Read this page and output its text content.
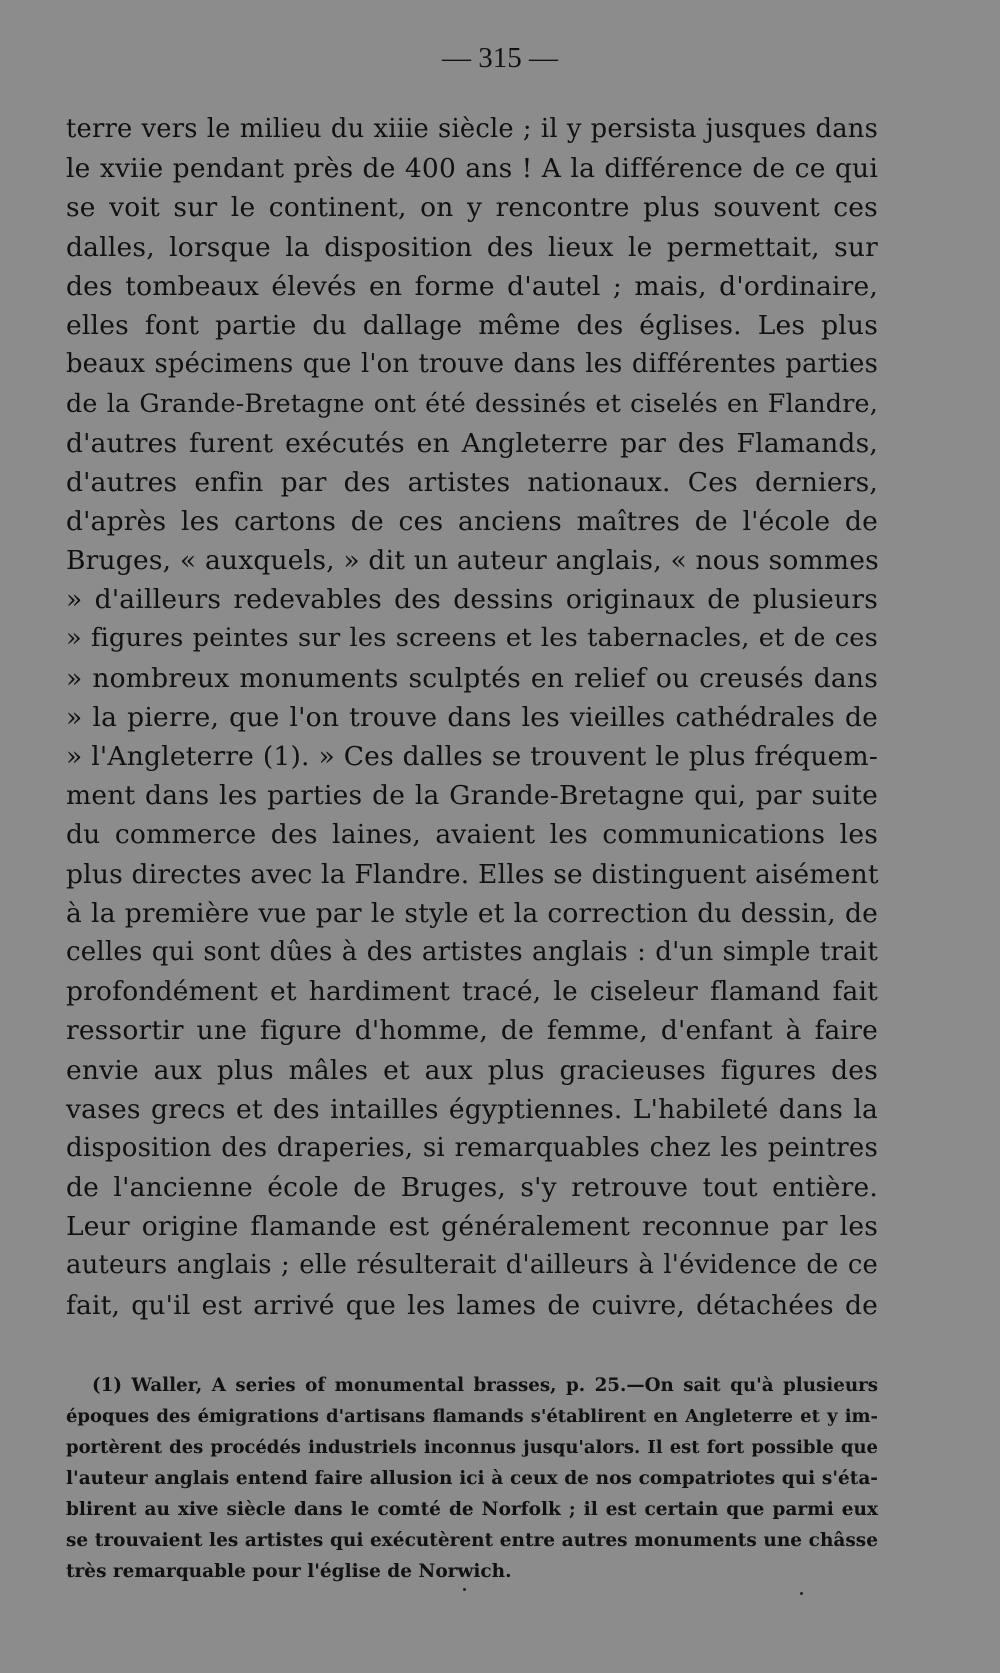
— 315 —
terre vers le milieu du xiiie siècle ; il y persista jusques dans
le xviie pendant près de 400 ans ! A la différence de ce qui
se voit sur le continent, on y rencontre plus souvent ces
dalles, lorsque la disposition des lieux le permettait, sur
des tombeaux élevés en forme d'autel ; mais, d'ordinaire,
elles font partie du dallage même des églises. Les plus
beaux spécimens que l'on trouve dans les différentes parties
de la Grande-Bretagne ont été dessinés et ciselés en Flandre,
d'autres furent exécutés en Angleterre par des Flamands,
d'autres enfin par des artistes nationaux. Ces derniers,
d'après les cartons de ces anciens maîtres de l'école de
Bruges, « auxquels, » dit un auteur anglais, « nous sommes
» d'ailleurs redevables des dessins originaux de plusieurs
» figures peintes sur les screens et les tabernacles, et de ces
» nombreux monuments sculptés en relief ou creusés dans
» la pierre, que l'on trouve dans les vieilles cathédrales de
» l'Angleterre (1). » Ces dalles se trouvent le plus fréquem-
ment dans les parties de la Grande-Bretagne qui, par suite
du commerce des laines, avaient les communications les
plus directes avec la Flandre. Elles se distinguent aisément
à la première vue par le style et la correction du dessin, de
celles qui sont dûes à des artistes anglais : d'un simple trait
profondément et hardiment tracé, le ciseleur flamand fait
ressortir une figure d'homme, de femme, d'enfant à faire
envie aux plus mâles et aux plus gracieuses figures des
vases grecs et des intailles égyptiennes. L'habileté dans la
disposition des draperies, si remarquables chez les peintres
de l'ancienne école de Bruges, s'y retrouve tout entière.
Leur origine flamande est généralement reconnue par les
auteurs anglais ; elle résulterait d'ailleurs à l'évidence de ce
fait, qu'il est arrivé que les lames de cuivre, détachées de
(1) Waller, A series of monumental brasses, p. 25.—On sait qu'à plusieurs
époques des émigrations d'artisans flamands s'établirent en Angleterre et y im-
portèrent des procédés industriels inconnus jusqu'alors. Il est fort possible que
l'auteur anglais entend faire allusion ici à ceux de nos compatriotes qui s'éta-
blirent au xive siècle dans le comté de Norfolk ; il est certain que parmi eux
se trouvaient les artistes qui exécutèrent entre autres monuments une châsse
très remarquable pour l'église de Norwich.
